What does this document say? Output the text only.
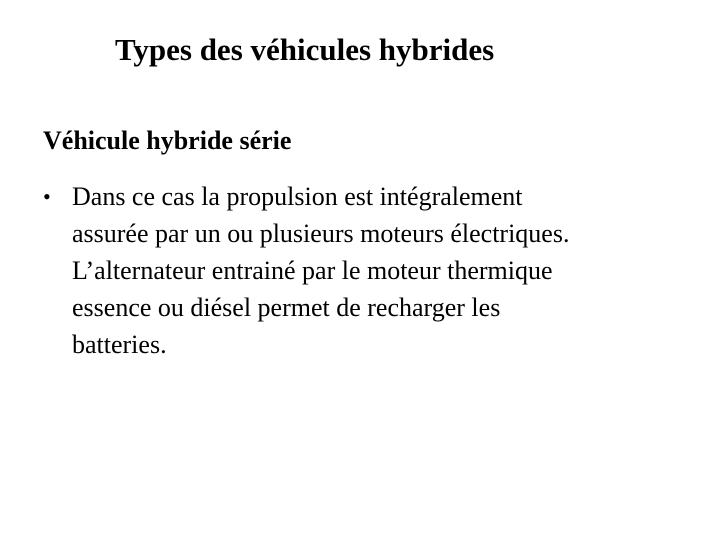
Types des véhicules hybrides
Véhicule hybride série
• Dans ce cas la propulsion est intégralement
assurée par un ou plusieurs moteurs électriques.
L’alternateur entrainé par le moteur thermique
essence ou diésel permet de recharger les
batteries.
